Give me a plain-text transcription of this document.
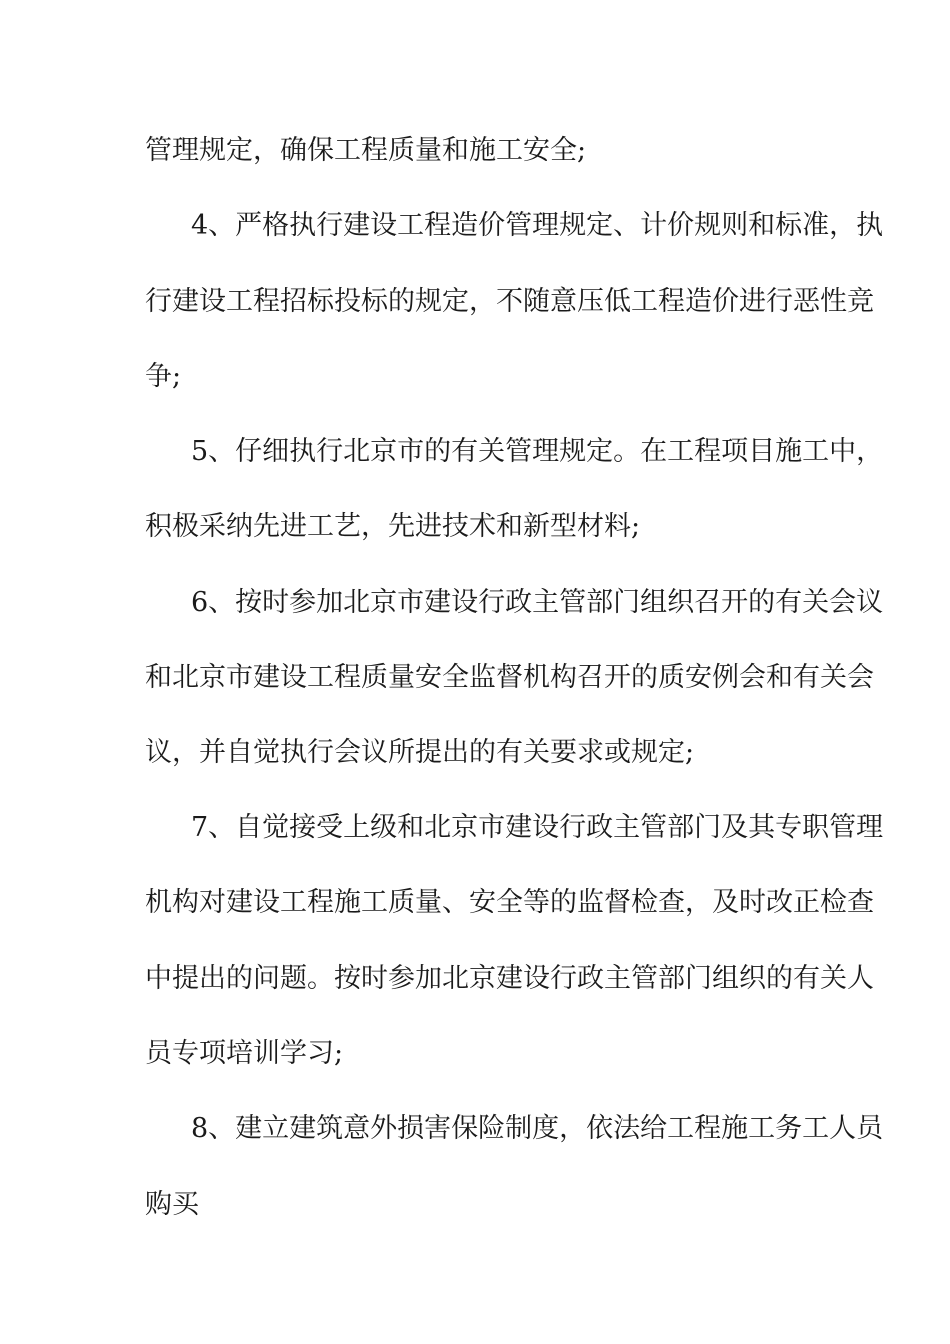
管理规定，确保工程质量和施工安全;
4、严格执行建设工程造价管理规定、计价规则和标准，执
行建设工程招标投标的规定，不随意压低工程造价进行恶性竞
争;
5、仔细执行北京市的有关管理规定。在工程项目施工中，
积极采纳先进工艺，先进技术和新型材料;
6、按时参加北京市建设行政主管部门组织召开的有关会议
和北京市建设工程质量安全监督机构召开的质安例会和有关会
议，并自觉执行会议所提出的有关要求或规定;
7、自觉接受上级和北京市建设行政主管部门及其专职管理
机构对建设工程施工质量、安全等的监督检查，及时改正检查
中提出的问题。按时参加北京建设行政主管部门组织的有关人
员专项培训学习;
8、建立建筑意外损害保险制度，依法给工程施工务工人员
购买
